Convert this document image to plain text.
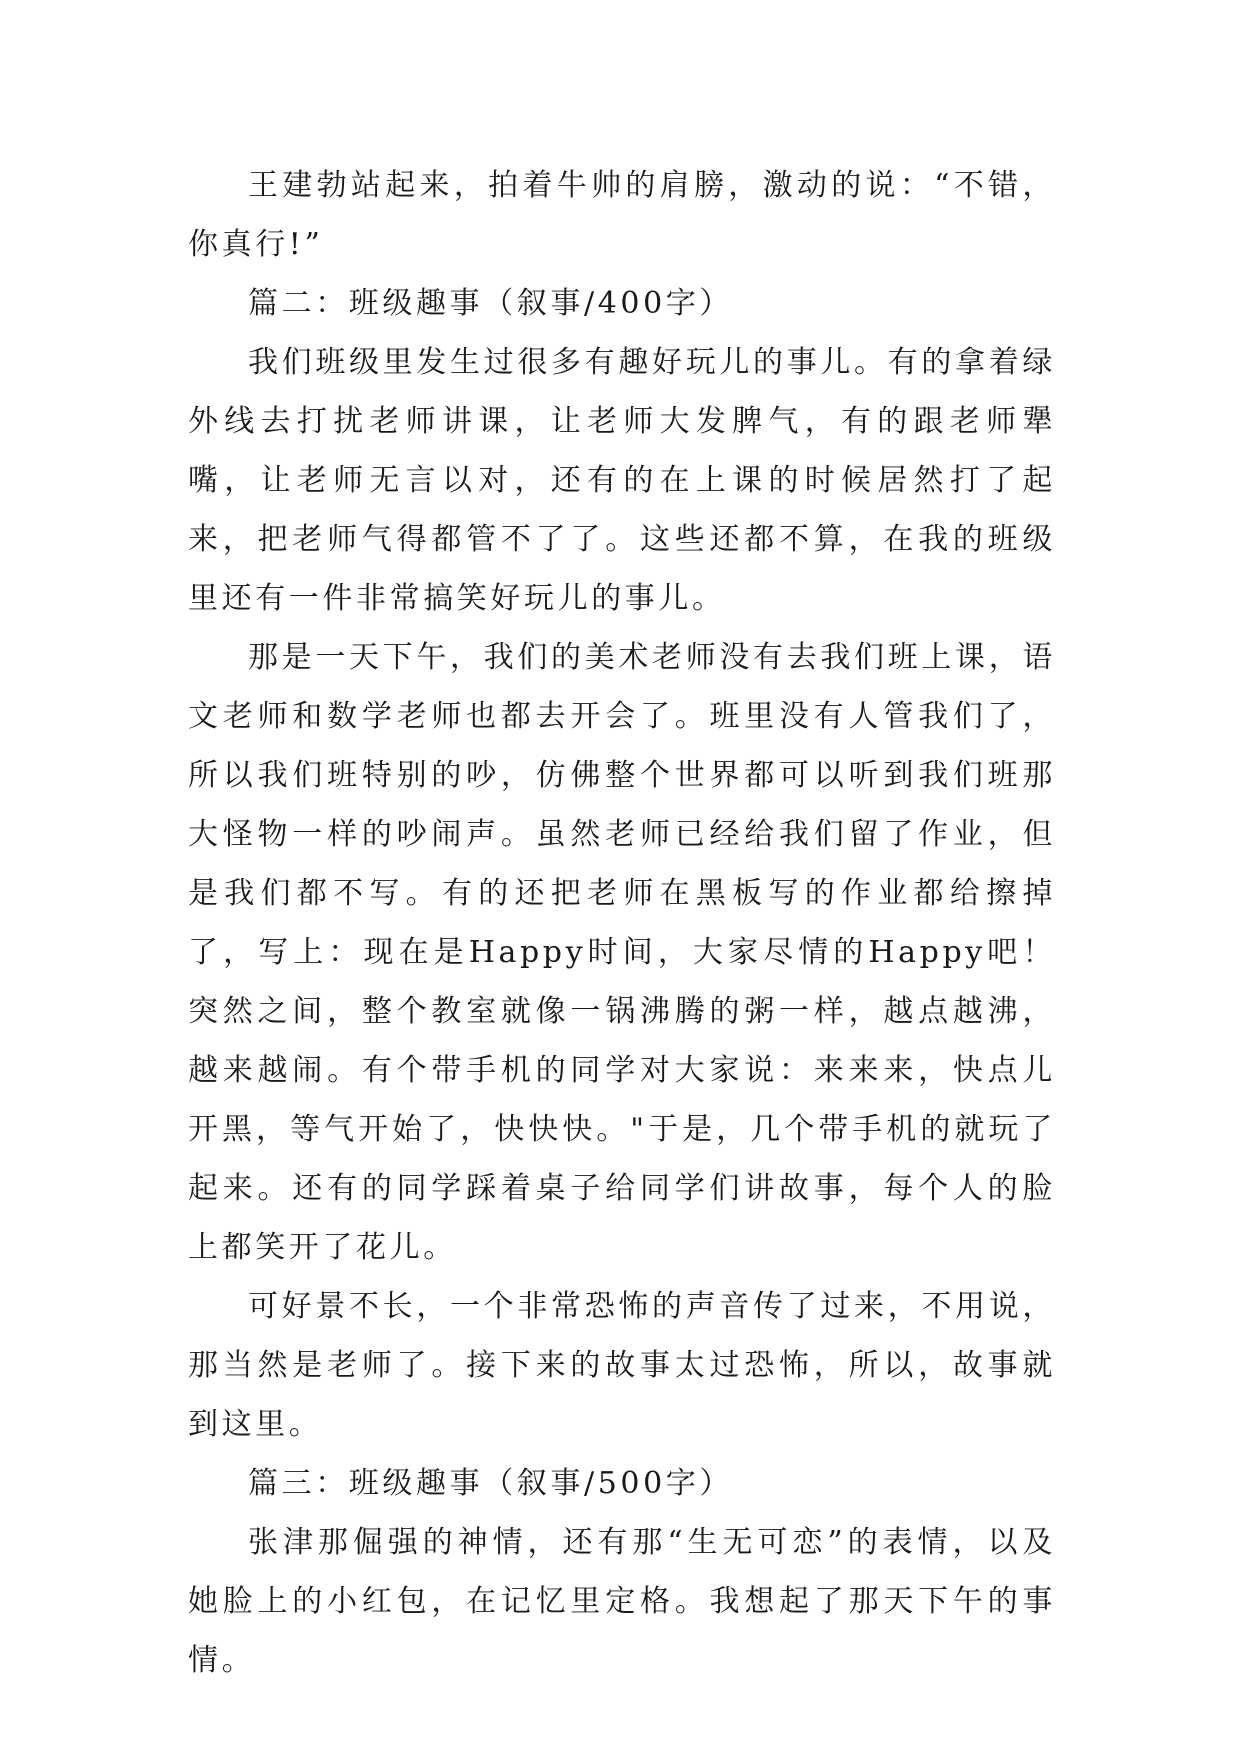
王建勃站起来，拍着牛帅的肩膀，激动的说：“不错，你真行!”

篇二：班级趣事（叙事/400字）

我们班级里发生过很多有趣好玩儿的事儿。有的拿着绿外线去打扰老师讲课，让老师大发脾气，有的跟老师犟嘴，让老师无言以对，还有的在上课的时候居然打了起来，把老师气得都管不了了。这些还都不算，在我的班级里还有一件非常搞笑好玩儿的事儿。

那是一天下午，我们的美术老师没有去我们班上课，语文老师和数学老师也都去开会了。班里没有人管我们了，所以我们班特别的吵，仿佛整个世界都可以听到我们班那大怪物一样的吵闹声。虽然老师已经给我们留了作业，但是我们都不写。有的还把老师在黑板写的作业都给擦掉了，写上：现在是Happy时间，大家尽情的Happy吧！突然之间，整个教室就像一锅沸腾的粥一样，越点越沸，越来越闹。有个带手机的同学对大家说：来来来，快点儿开黑，等气开始了，快快快。"于是，几个带手机的就玩了起来。还有的同学踩着桌子给同学们讲故事，每个人的脸上都笑开了花儿。

可好景不长，一个非常恐怖的声音传了过来，不用说，那当然是老师了。接下来的故事太过恐怖，所以，故事就到这里。

篇三：班级趣事（叙事/500字）

张津那倔强的神情，还有那“生无可恋”的表情，以及她脸上的小红包，在记忆里定格。我想起了那天下午的事情。
